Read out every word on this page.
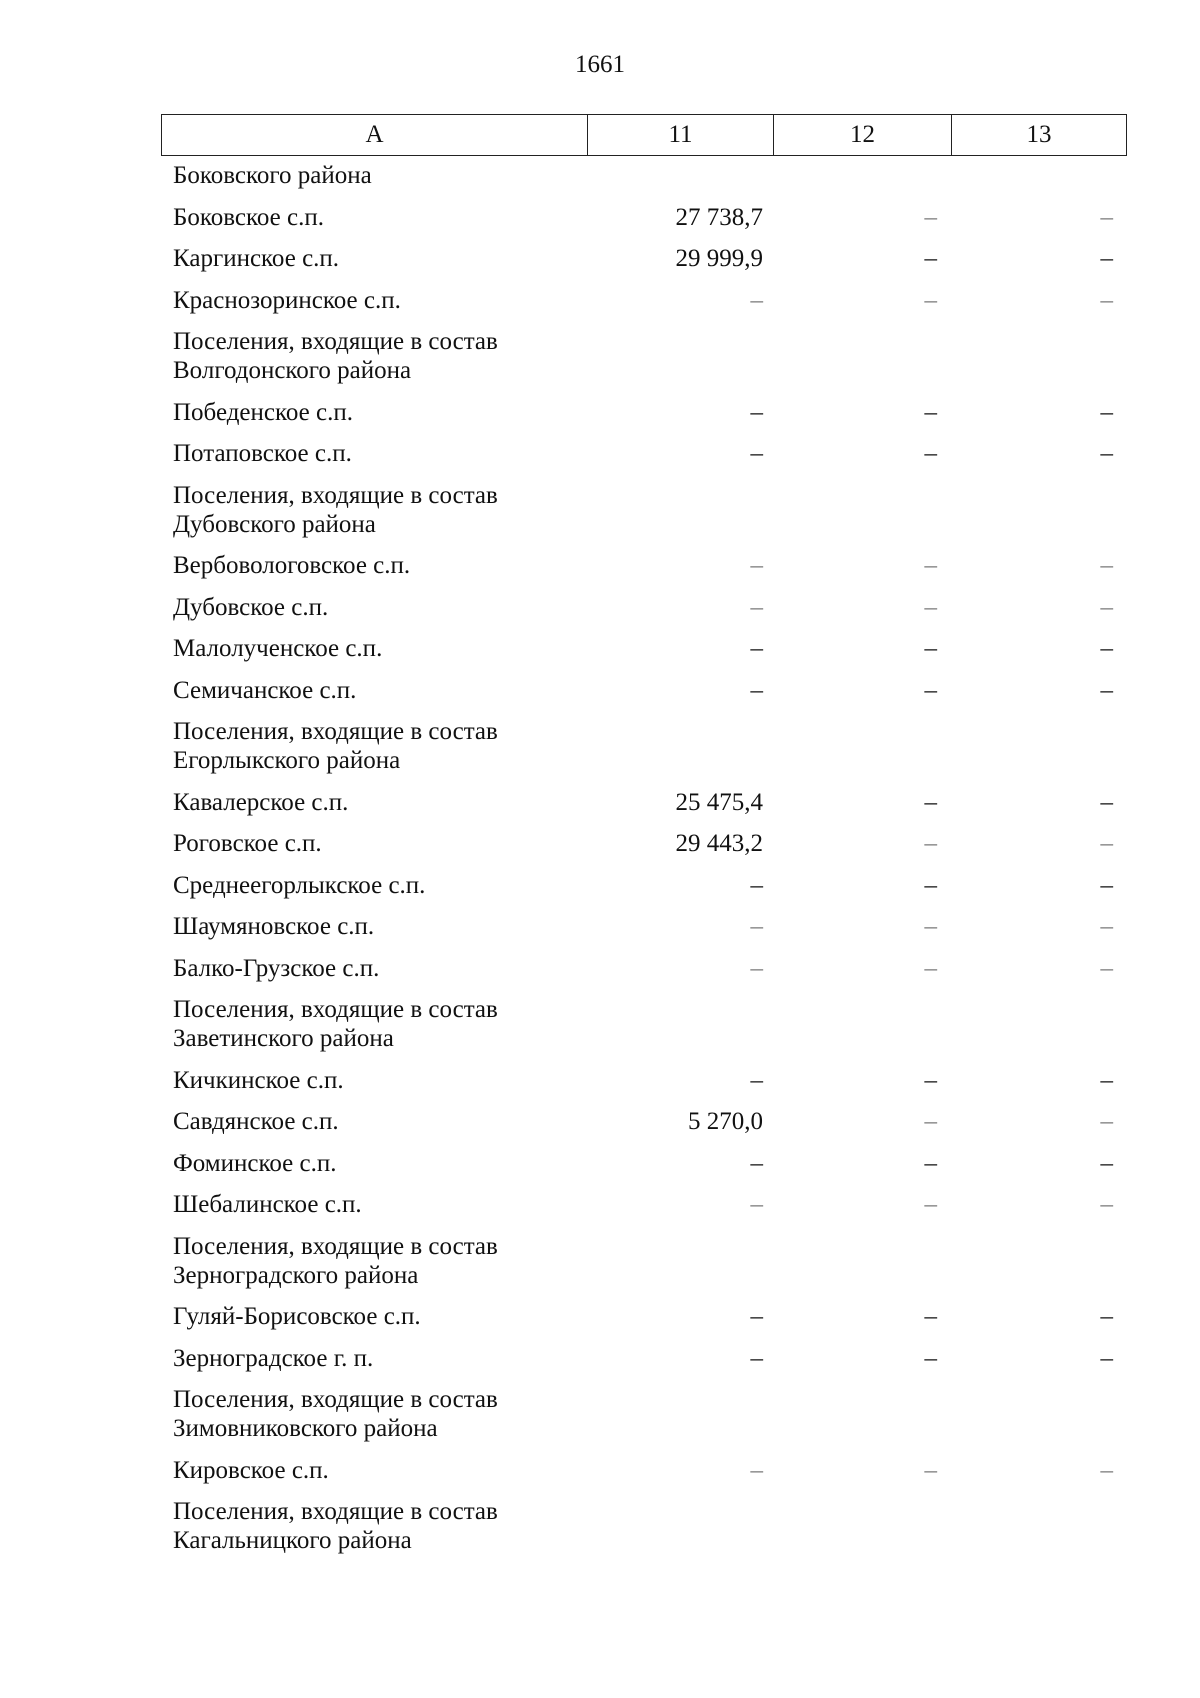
1661
A	11	12	13
Боковского района
Боковское с.п.	27 738,7	–	–
Каргинское с.п.	29 999,9	–	–
Краснозоринское с.п.	–	–	–
Поселения, входящие в состав
Волгодонского района
Победенское с.п.	–	–	–
Потаповское с.п.	–	–	–
Поселения, входящие в состав
Дубовского района
Вербовологовское с.п.	–	–	–
Дубовское с.п.	–	–	–
Малолученское с.п.	–	–	–
Семичанское с.п.	–	–	–
Поселения, входящие в состав
Егорлыкского района
Кавалерское с.п.	25 475,4	–	–
Роговское с.п.	29 443,2	–	–
Среднеегорлыкское с.п.	–	–	–
Шаумяновское с.п.	–	–	–
Балко-Грузское с.п.	–	–	–
Поселения, входящие в состав
Заветинского района
Кичкинское с.п.	–	–	–
Савдянское с.п.	5 270,0	–	–
Фоминское с.п.	–	–	–
Шебалинское с.п.	–	–	–
Поселения, входящие в состав
Зерноградского района
Гуляй-Борисовское с.п.	–	–	–
Зерноградское г. п.	–	–	–
Поселения, входящие в состав
Зимовниковского района
Кировское с.п.	–	–	–
Поселения, входящие в состав
Кагальницкого района
